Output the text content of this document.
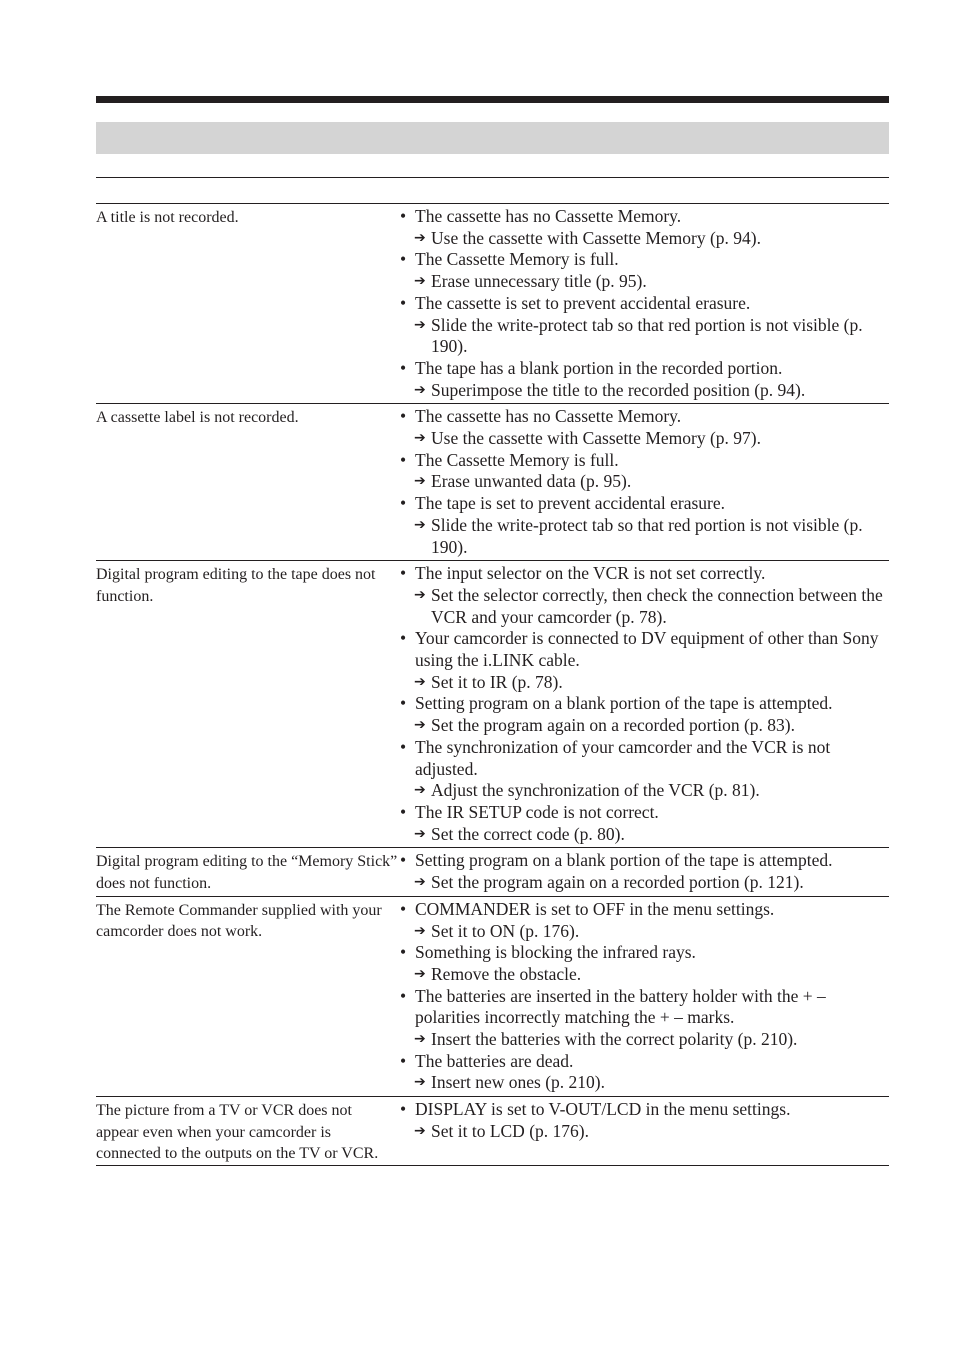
A title is not recorded.	• The cassette has no Cassette Memory.
➔ Use the cassette with Cassette Memory (p. 94).
• The Cassette Memory is full.
➔ Erase unnecessary title (p. 95).
• The cassette is set to prevent accidental erasure.
➔ Slide the write-protect tab so that red portion is not visible (p. 190).
• The tape has a blank portion in the recorded portion.
➔ Superimpose the title to the recorded position (p. 94).
A cassette label is not recorded.	• The cassette has no Cassette Memory.
➔ Use the cassette with Cassette Memory (p. 97).
• The Cassette Memory is full.
➔ Erase unwanted data (p. 95).
• The tape is set to prevent accidental erasure.
➔ Slide the write-protect tab so that red portion is not visible (p. 190).
Digital program editing to the tape does not function.
• The input selector on the VCR is not set correctly.
➔ Set the selector correctly, then check the connection between the VCR and your camcorder (p. 78).
• Your camcorder is connected to DV equipment of other than Sony using the i.LINK cable.
➔ Set it to IR (p. 78).
• Setting program on a blank portion of the tape is attempted.
➔ Set the program again on a recorded portion (p. 83).
• The synchronization of your camcorder and the VCR is not adjusted.
➔ Adjust the synchronization of the VCR (p. 81).
• The IR SETUP code is not correct.
➔ Set the correct code (p. 80).
Digital program editing to the “Memory Stick” does not function.
• Setting program on a blank portion of the tape is attempted.
➔ Set the program again on a recorded portion (p. 121).
The Remote Commander supplied with your camcorder does not work.
• COMMANDER is set to OFF in the menu settings.
➔ Set it to ON (p. 176).
• Something is blocking the infrared rays.
➔ Remove the obstacle.
• The batteries are inserted in the battery holder with the + – polarities incorrectly matching the + – marks.
➔ Insert the batteries with the correct polarity (p. 210).
• The batteries are dead.
➔ Insert new ones (p. 210).
The picture from a TV or VCR does not appear even when your camcorder is connected to the outputs on the TV or VCR.
• DISPLAY is set to V-OUT/LCD in the menu settings.
➔ Set it to LCD (p. 176).
